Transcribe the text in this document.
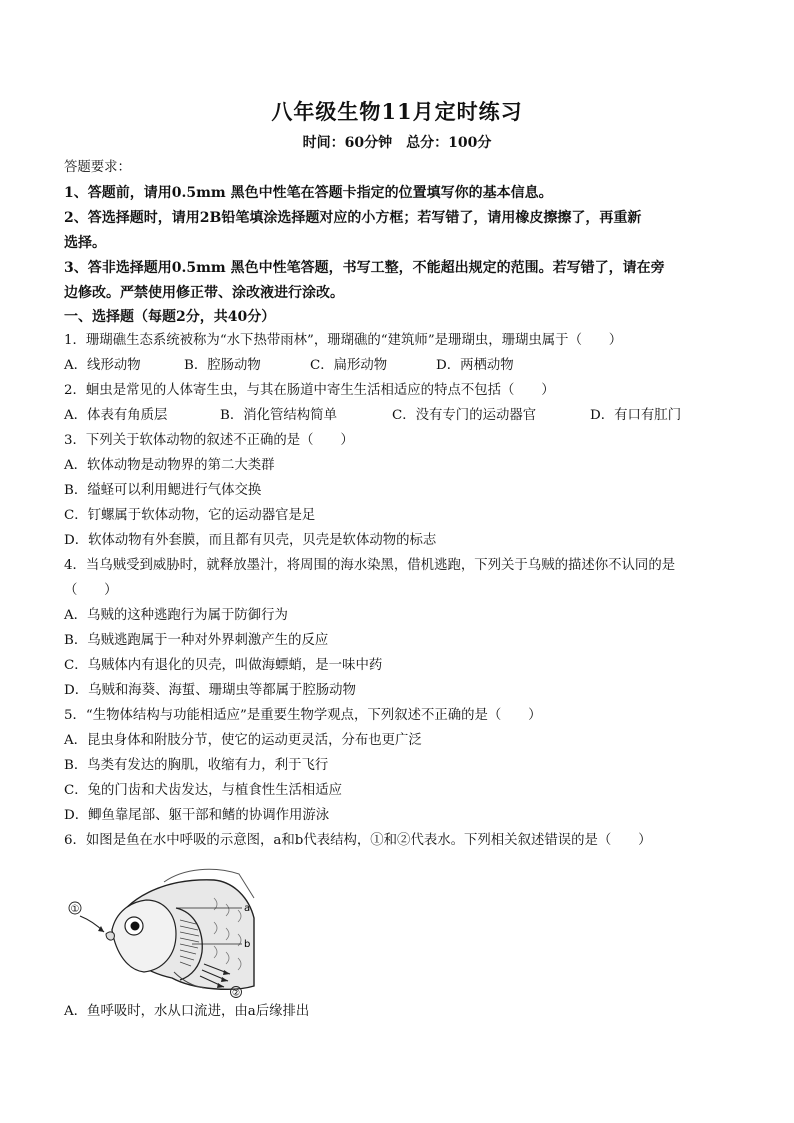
八年级生物11月定时练习
时间：60分钟　总分：100分
答题要求：
1、答题前，请用0.5mm 黑色中性笔在答题卡指定的位置填写你的基本信息。
2、答选择题时，请用2B铅笔填涂选择题对应的小方框；若写错了，请用橡皮擦擦了，再重新
选择。
3、答非选择题用0.5mm 黑色中性笔答题，书写工整，不能超出规定的范围。若写错了，请在旁
边修改。严禁使用修正带、涂改液进行涂改。
一、选择题（每题2分，共40分）
1．珊瑚礁生态系统被称为“水下热带雨林”，珊瑚礁的“建筑师”是珊瑚虫，珊瑚虫属于（　　）
A．线形动物	B．腔肠动物	C．扁形动物	D．两栖动物
2．蛔虫是常见的人体寄生虫，与其在肠道中寄生生活相适应的特点不包括（　　）
A．体表有角质层	B．消化管结构简单	C．没有专门的运动器官	D．有口有肛门
3．下列关于软体动物的叙述不正确的是（　　）
A．软体动物是动物界的第二大类群
B．缢蛏可以利用鳃进行气体交换
C．钉螺属于软体动物，它的运动器官是足
D．软体动物有外套膜，而且都有贝壳，贝壳是软体动物的标志
4．当乌贼受到威胁时，就释放墨汁，将周围的海水染黑，借机逃跑，下列关于乌贼的描述你不认同的是
（　　）
A．乌贼的这种逃跑行为属于防御行为
B．乌贼逃跑属于一种对外界刺激产生的反应
C．乌贼体内有退化的贝壳，叫做海螵蛸，是一味中药
D．乌贼和海葵、海蜇、珊瑚虫等都属于腔肠动物
5．“生物体结构与功能相适应”是重要生物学观点，下列叙述不正确的是（　　）
A．昆虫身体和附肢分节，使它的运动更灵活，分布也更广泛
B．鸟类有发达的胸肌，收缩有力，利于飞行
C．兔的门齿和犬齿发达，与植食性生活相适应
D．鲫鱼靠尾部、躯干部和鳍的协调作用游泳
6．如图是鱼在水中呼吸的示意图，a和b代表结构，①和②代表水。下列相关叙述错误的是（　　）
①
②
a
b
A．鱼呼吸时，水从口流进，由a后缘排出
